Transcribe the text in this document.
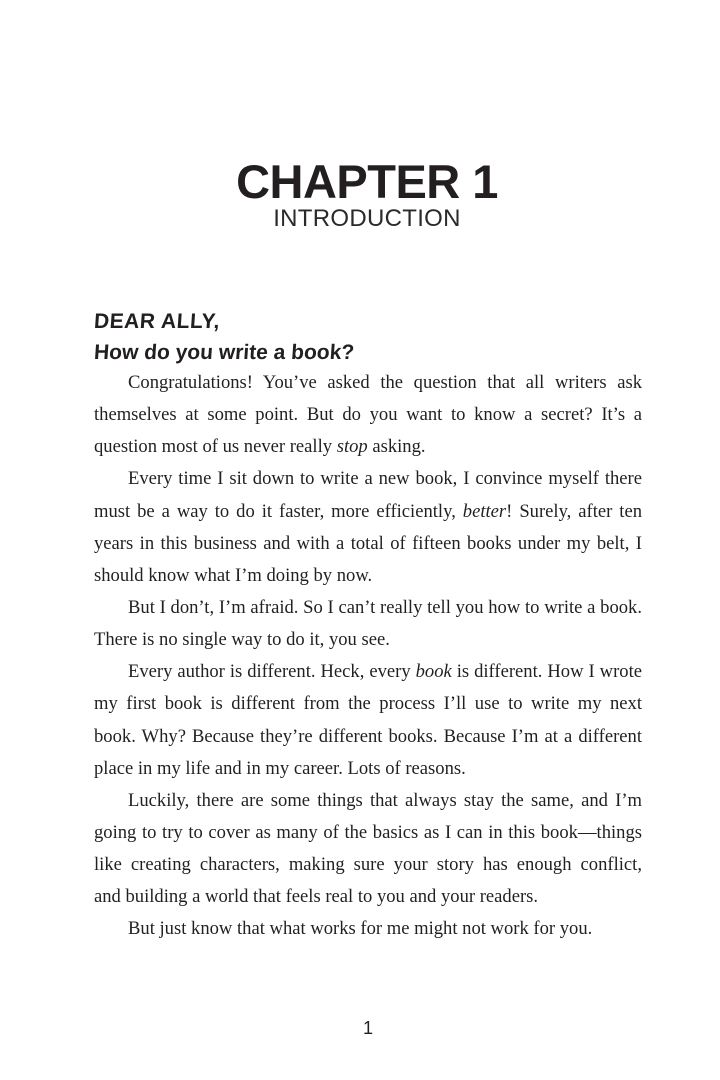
CHAPTER 1
INTRODUCTION
DEAR ALLY,
How do you write a book?
Congratulations! You’ve asked the question that all writers ask
themselves at some point. But do you want to know a secret? It’s a
question most of us never really stop asking.
Every time I sit down to write a new book, I convince myself there
must be a way to do it faster, more efficiently, better! Surely, after ten
years in this business and with a total of fifteen books under my belt, I
should know what I’m doing by now.
But I don’t, I’m afraid. So I can’t really tell you how to write a book.
There is no single way to do it, you see.
Every author is different. Heck, every book is different. How I wrote
my first book is different from the process I’ll use to write my next
book. Why? Because they’re different books. Because I’m at a different
place in my life and in my career. Lots of reasons.
Luckily, there are some things that always stay the same, and I’m
going to try to cover as many of the basics as I can in this book—things
like creating characters, making sure your story has enough conflict,
and building a world that feels real to you and your readers.
But just know that what works for me might not work for you.
1
